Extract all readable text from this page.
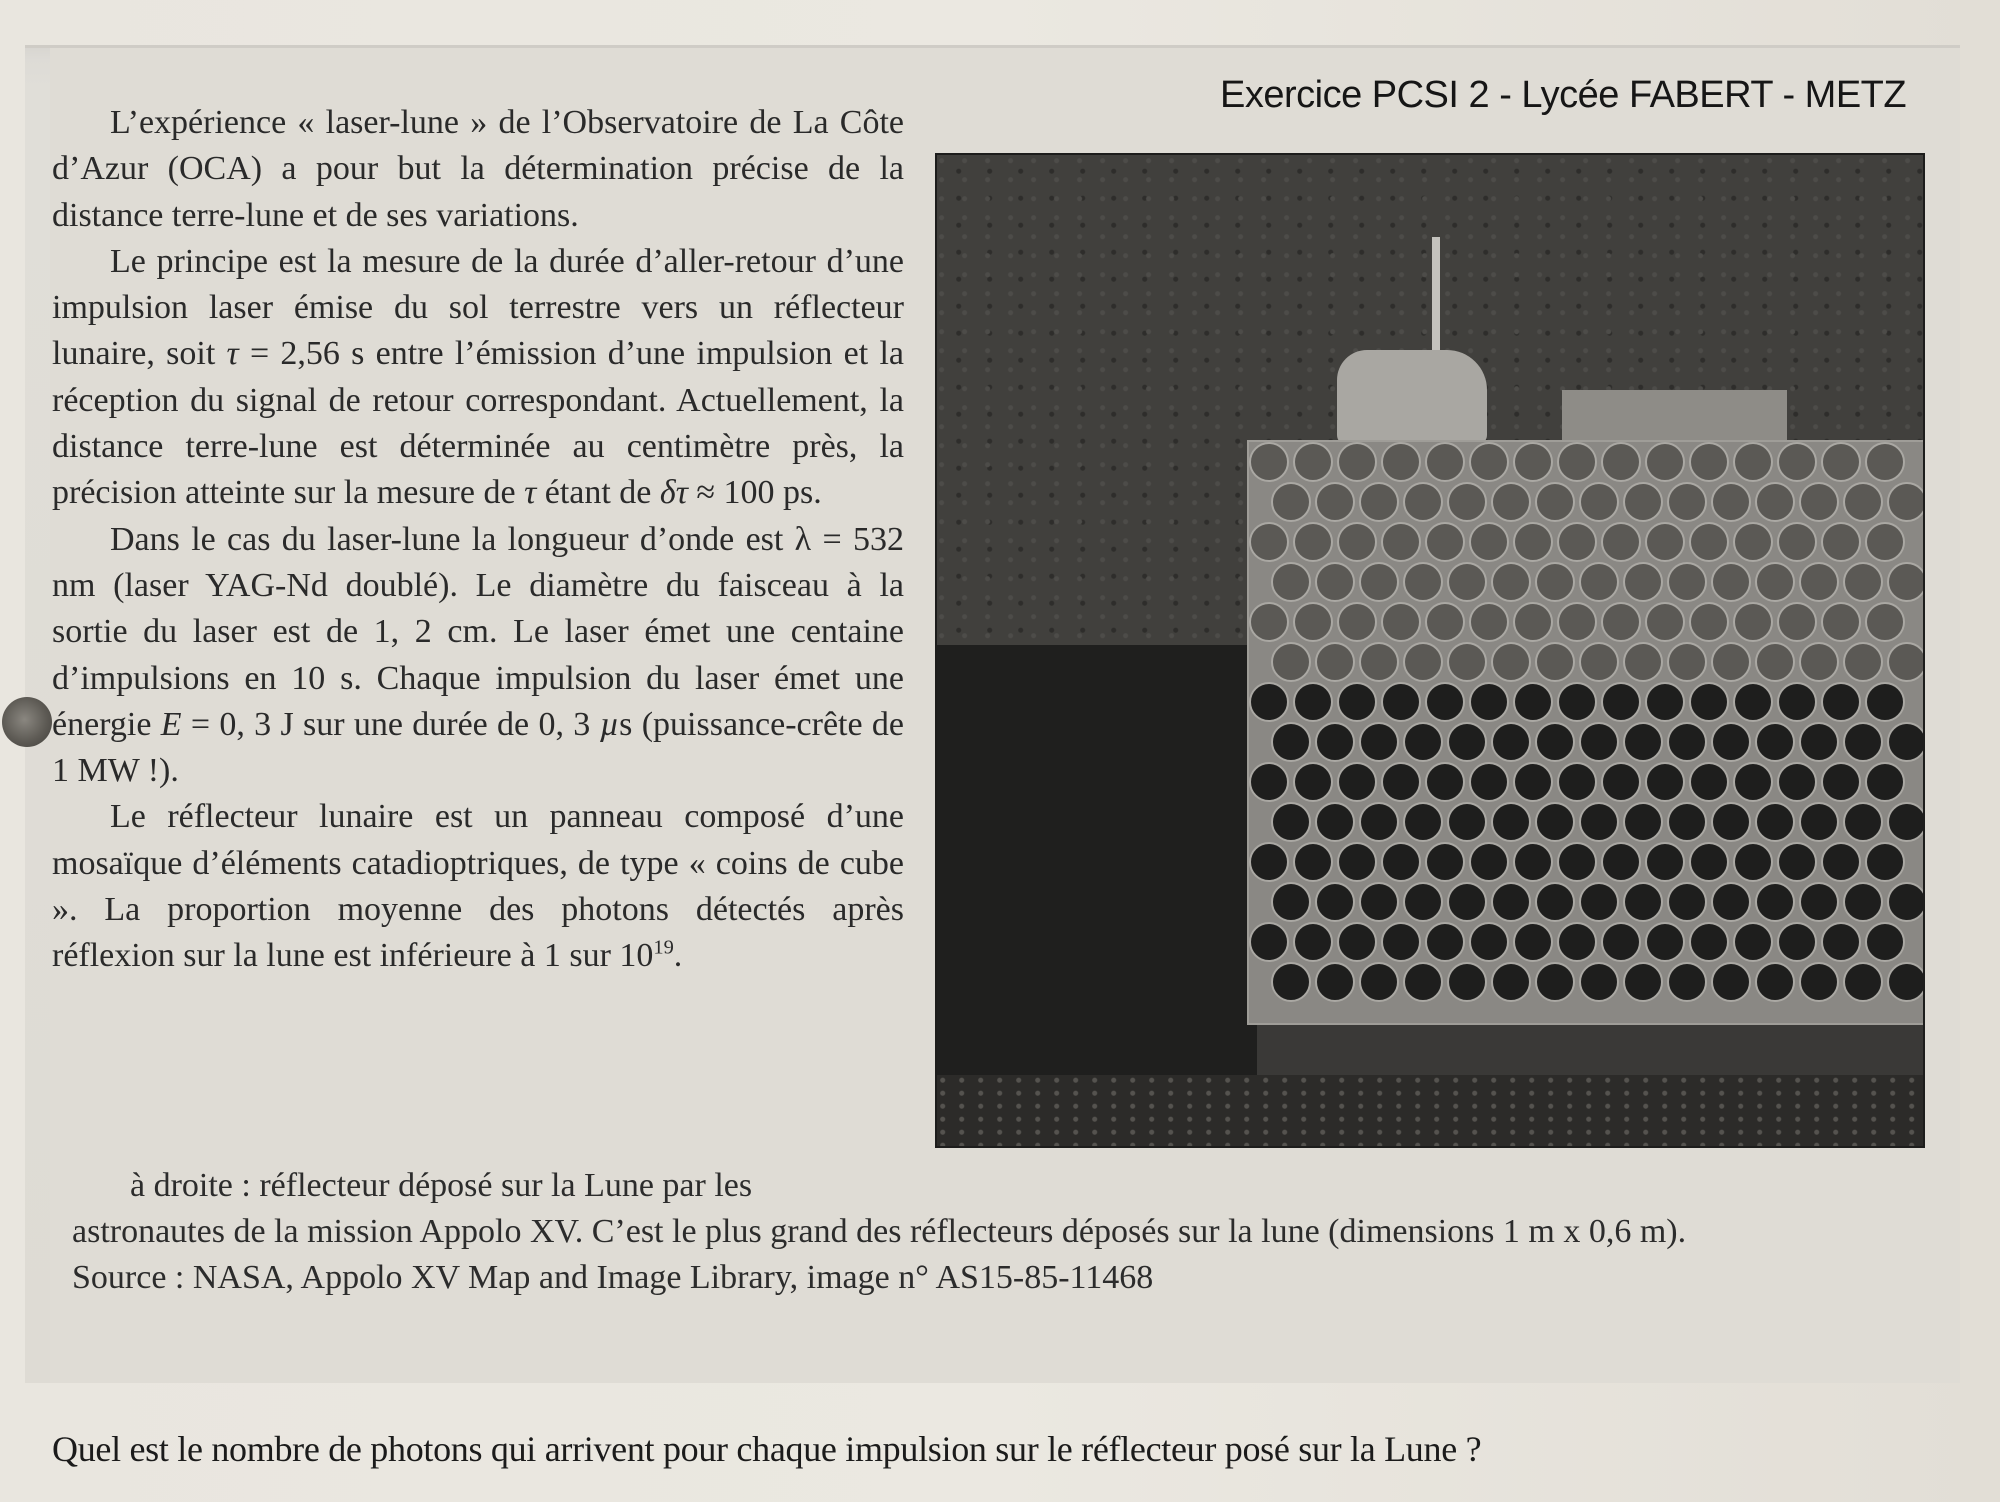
Exercice PCSI 2 - Lycée FABERT - METZ

L’expérience « laser-lune » de l’Observatoire de La Côte d’Azur (OCA) a pour but la détermination précise de la distance terre-lune et de ses variations.

Le principe est la mesure de la durée d’aller-retour d’une impulsion laser émise du sol terrestre vers un réflecteur lunaire, soit τ = 2,56 s entre l’émission d’une impulsion et la réception du signal de retour correspondant. Actuellement, la distance terre-lune est déterminée au centimètre près, la précision atteinte sur la mesure de τ étant de δτ ≈ 100 ps.

Dans le cas du laser-lune la longueur d’onde est λ = 532 nm (laser YAG-Nd doublé). Le diamètre du faisceau à la sortie du laser est de 1, 2 cm. Le laser émet une centaine d’impulsions en 10 s. Chaque impulsion du laser émet une énergie E = 0, 3 J sur une durée de 0, 3 µs (puissance-crête de 1 MW !).

Le réflecteur lunaire est un panneau composé d’une mosaïque d’éléments catadioptriques, de type « coins de cube ». La proportion moyenne des photons détectés après réflexion sur la lune est inférieure à 1 sur $10^{19}$.

à droite : réflecteur déposé sur la Lune par les

astronautes de la mission Appolo XV. C’est le plus grand des réflecteurs déposés sur la lune (dimensions 1 m x 0,6 m).

Source : NASA, Appolo XV Map and Image Library, image n° AS15-85-11468

Quel est le nombre de photons qui arrivent pour chaque impulsion sur le réflecteur posé sur la Lune ?
